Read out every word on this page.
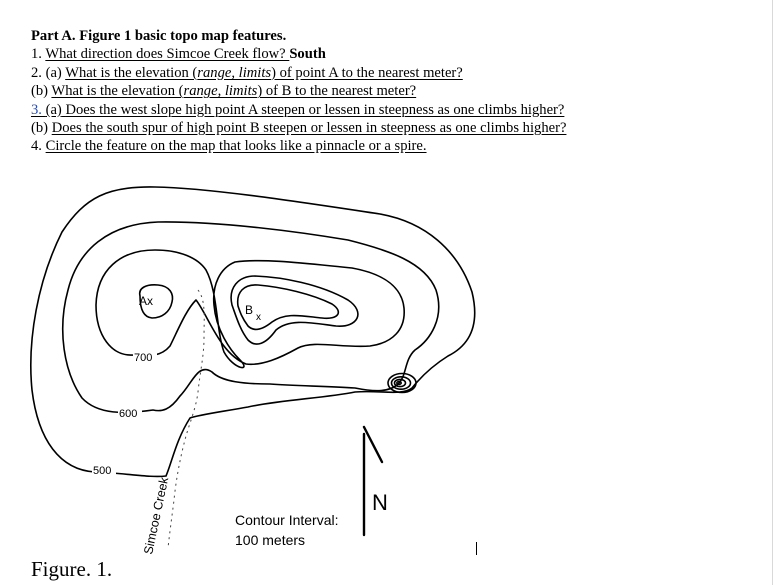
Part A. Figure 1 basic topo map features.
1. What direction does Simcoe Creek flow? South
2. (a) What is the elevation (range, limits) of point A to the nearest meter?
(b) What is the elevation (range, limits) of B to the nearest meter?
3. (a) Does the west slope high point A steepen or lessen in steepness as one climbs higher?
(b) Does the south spur of high point B steepen or lessen in steepness as one climbs higher?
4. Circle the feature on the map that looks like a pinnacle or a spire.
500
600
700
Ax
B
x
Simcoe Creek	N
Contour Interval:
100 meters
Figure. 1.
